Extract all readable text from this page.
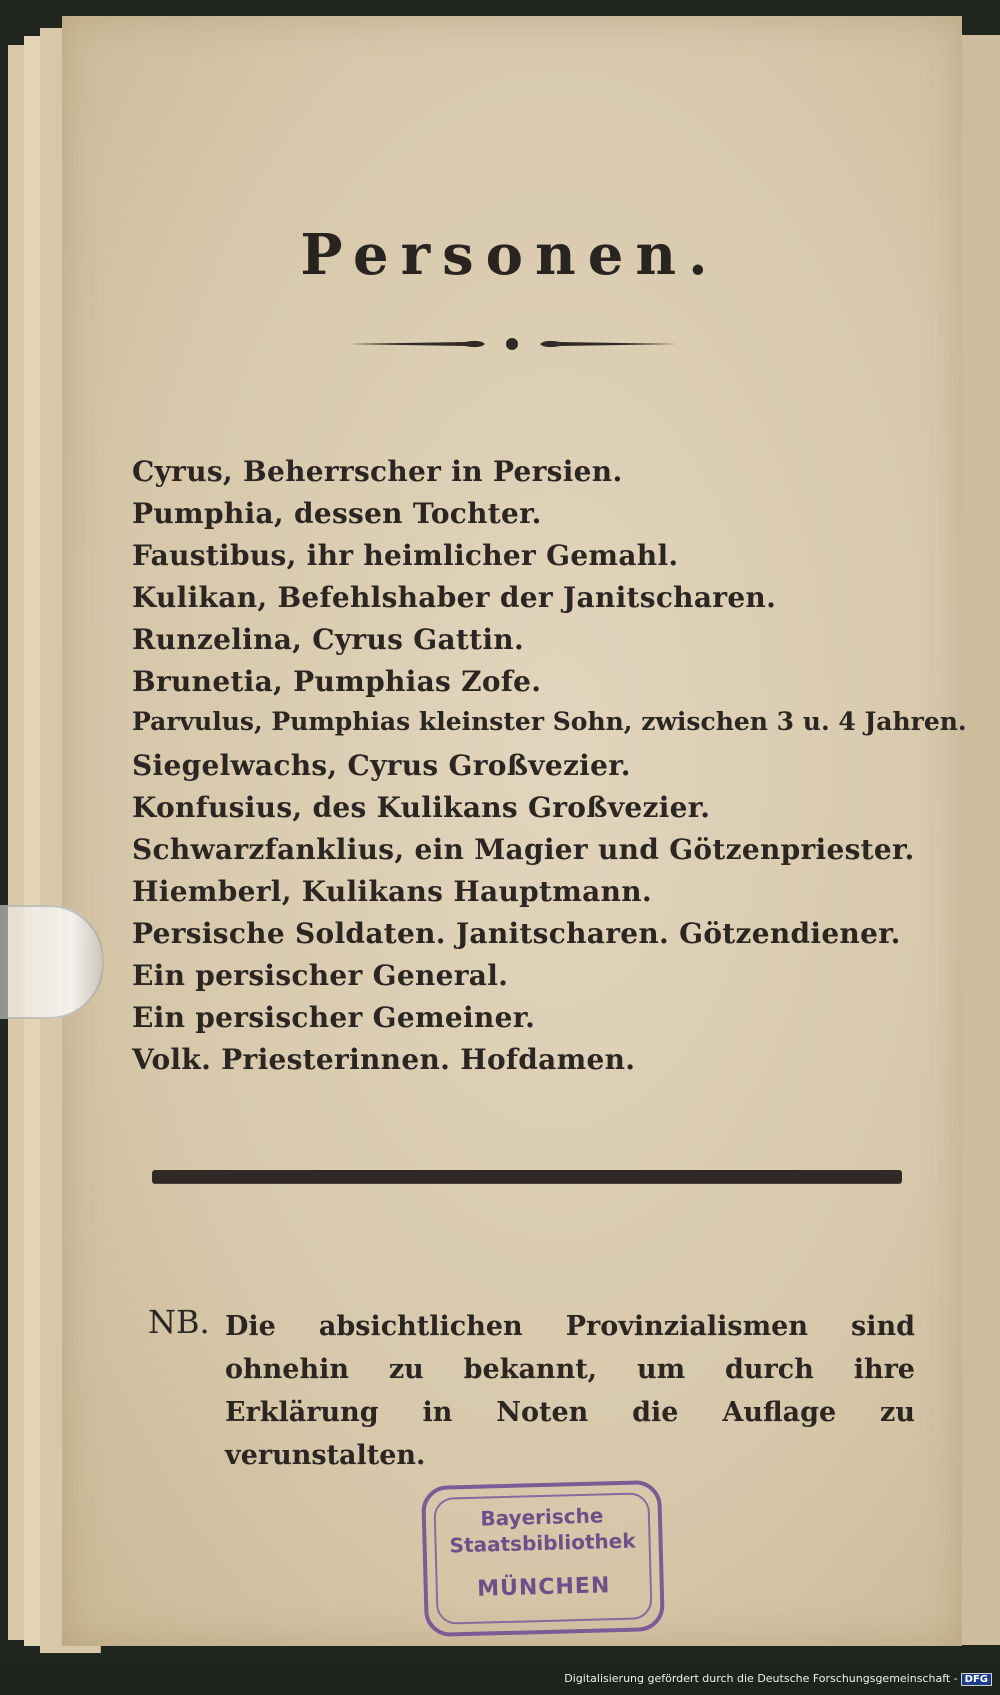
Personen.
Cyrus, Beherrscher in Persien.
Pumphia, dessen Tochter.
Faustibus, ihr heimlicher Gemahl.
Kulikan, Befehlshaber der Janitscharen.
Runzelina, Cyrus Gattin.
Brunetia, Pumphias Zofe.
Parvulus, Pumphias kleinster Sohn, zwischen 3 u. 4 Jahren.
Siegelwachs, Cyrus Großvezier.
Konfusius, des Kulikans Großvezier.
Schwarzfanklius, ein Magier und Götzenpriester.
Hiemberl, Kulikans Hauptmann.
Persische Soldaten. Janitscharen. Götzendiener.
Ein persischer General.
Ein persischer Gemeiner.
Volk. Priesterinnen. Hofdamen.
NB. Die absichtlichen Provinzialismen sind ohnehin zu bekannt, um durch ihre Erklärung in Noten die Auflage zu verunstalten.
Bayerische
Staatsbibliothek
MÜNCHEN
Digitalisierung gefördert durch die Deutsche Forschungsgemeinschaft - DFG
